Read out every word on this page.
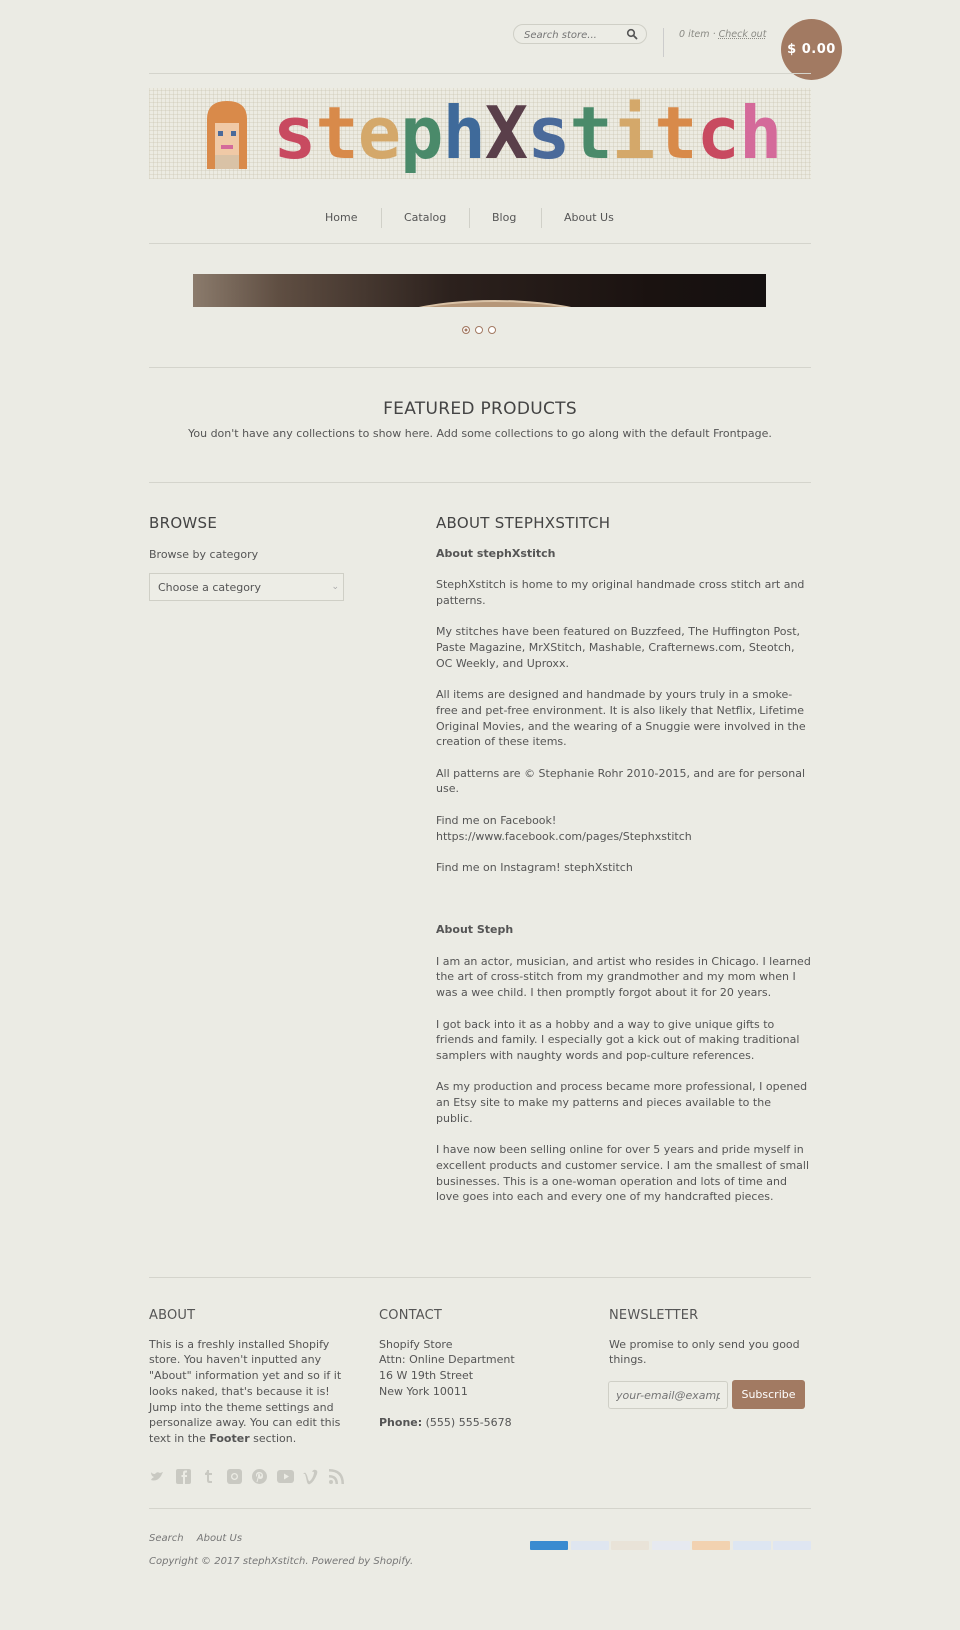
Search store...
0 item · Check out
$ 0.00
stephXstitch
Home	Catalog	Blog	About Us
FEATURED PRODUCTS
You don't have any collections to show here. Add some collections to go along with the default Frontpage.
BROWSE
Browse by category
Choose a category	⌄
ABOUT STEPHXSTITCH

About stephXstitch

StephXstitch is home to my original handmade cross stitch art and patterns.

My stitches have been featured on Buzzfeed, The Huffington Post, Paste Magazine, MrXStitch, Mashable, Crafternews.com, Steotch, OC Weekly, and Uproxx.

All items are designed and handmade by yours truly in a smoke-free and pet-free environment. It is also likely that Netflix, Lifetime Original Movies, and the wearing of a Snuggie were involved in the creation of these items.

All patterns are © Stephanie Rohr 2010-2015, and are for personal use.

Find me on Facebook! https://www.facebook.com/pages/Stephxstitch

Find me on Instagram! stephXstitch

About Steph

I am an actor, musician, and artist who resides in Chicago. I learned the art of cross-stitch from my grandmother and my mom when I was a wee child. I then promptly forgot about it for 20 years.

I got back into it as a hobby and a way to give unique gifts to friends and family. I especially got a kick out of making traditional samplers with naughty words and pop-culture references.

As my production and process became more professional, I opened an Etsy site to make my patterns and pieces available to the public.

I have now been selling online for over 5 years and pride myself in excellent products and customer service. I am the smallest of small businesses. This is a one-woman operation and lots of time and love goes into each and every one of my handcrafted pieces.

ABOUT

This is a freshly installed Shopify store. You haven't inputted any "About" information yet and so if it looks naked, that's because it is! Jump into the theme settings and personalize away. You can edit this text in the Footer section.

CONTACT

Shopify Store

Attn: Online Department

16 W 19th Street

New York 10011

Phone: (555) 555-5678

NEWSLETTER

We promise to only send you good things.

your-email@example.com
Subscribe
Search About Us
Copyright © 2017 stephXstitch. Powered by Shopify.
